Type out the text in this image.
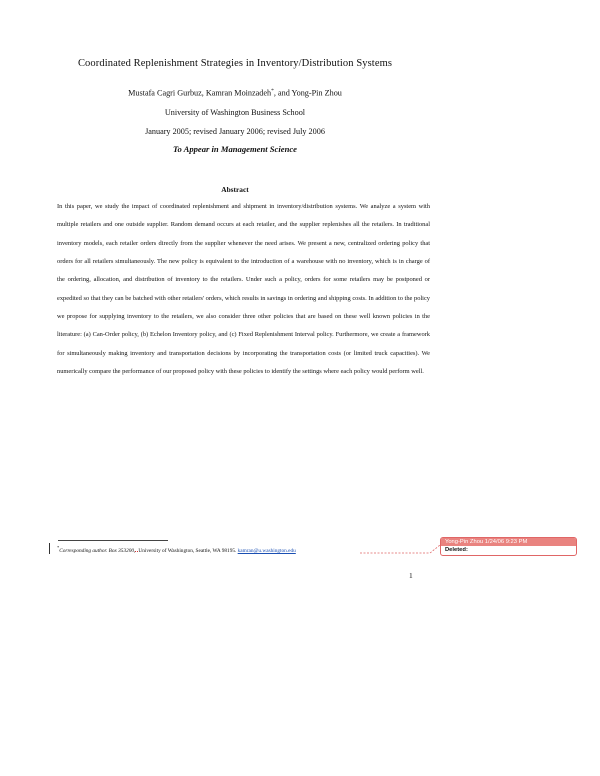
Coordinated Replenishment Strategies in Inventory/Distribution Systems
Mustafa Cagri Gurbuz, Kamran Moinzadeh*, and Yong-Pin Zhou
University of Washington Business School
January 2005; revised January 2006; revised July 2006
To Appear in Management Science
Abstract

In this paper, we study the impact of coordinated replenishment and shipment in inventory/distribution systems. We analyze a system with multiple retailers and one outside supplier. Random demand occurs at each retailer, and the supplier replenishes all the retailers. In traditional inventory models, each retailer orders directly from the supplier whenever the need arises. We present a new, centralized ordering policy that orders for all retailers simultaneously. The new policy is equivalent to the introduction of a warehouse with no inventory, which is in charge of the ordering, allocation, and distribution of inventory to the retailers. Under such a policy, orders for some retailers may be postponed or expedited so that they can be batched with other retailers' orders, which results in savings in ordering and shipping costs. In addition to the policy we propose for supplying inventory to the retailers, we also consider three other policies that are based on these well known policies in the literature: (a) Can-Order policy, (b) Echelon Inventory policy, and (c) Fixed Replenishment Interval policy. Furthermore, we create a framework for simultaneously making inventory and transportation decisions by incorporating the transportation costs (or limited truck capacities). We numerically compare the performance of our proposed policy with these policies to identify the settings where each policy would perform well.

*Corresponding author. Box 353200, University of Washington, Seattle, WA 98195. kamran@u.washington.edu
Yong-Pin Zhou 1/24/06 9:23 PM
Deleted:
1
